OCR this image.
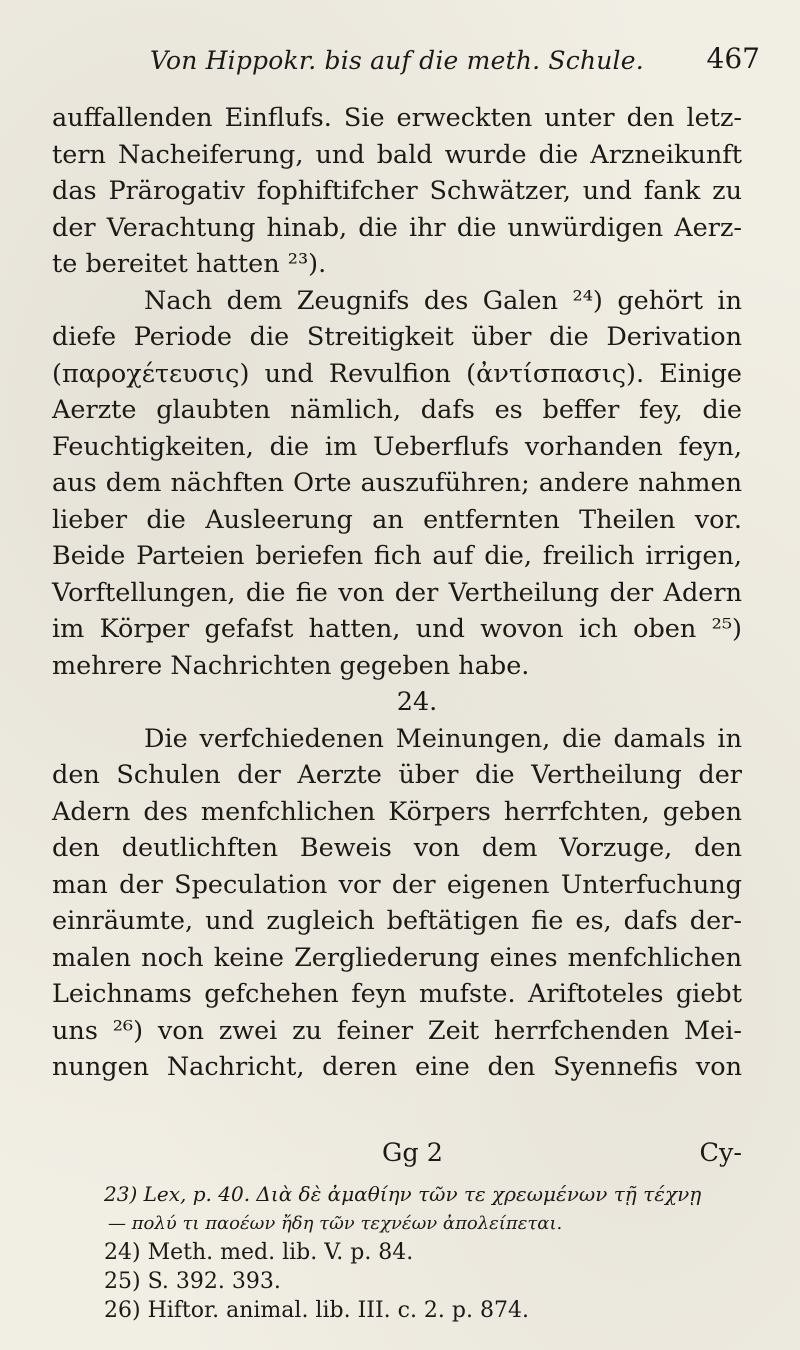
Von Hippokr. bis auf die meth. Schule. 467
auffallenden Einflufs. Sie erweckten unter den letz-
tern Nacheiferung, und bald wurde die Arzneikunft
das Prärogativ fophiftifcher Schwätzer, und fank zu
der Verachtung hinab, die ihr die unwürdigen Aerz-
te bereitet hatten ²³).
Nach dem Zeugnifs des Galen ²⁴) gehört in
diefe Periode die Streitigkeit über die Derivation
(παρoχέτευσις) und Revulfion (ἀντίσπασις). Einige
Aerzte glaubten nämlich, dafs es beffer fey, die
Feuchtigkeiten, die im Ueberflufs vorhanden feyn,
aus dem nächften Orte auszuführen; andere nahmen
lieber die Ausleerung an entfernten Theilen vor.
Beide Parteien beriefen fich auf die, freilich irrigen,
Vorftellungen, die fie von der Vertheilung der Adern
im Körper gefafst hatten, und wovon ich oben ²⁵)
mehrere Nachrichten gegeben habe.
24.
Die verfchiedenen Meinungen, die damals in
den Schulen der Aerzte über die Vertheilung der
Adern des menfchlichen Körpers herrfchten, geben
den deutlichften Beweis von dem Vorzuge, den
man der Speculation vor der eigenen Unterfuchung
einräumte, und zugleich beftätigen fie es, dafs der-
malen noch keine Zergliederung eines menfchlichen
Leichnams gefchehen feyn mufste. Ariftoteles giebt
uns ²⁶) von zwei zu feiner Zeit herrfchenden Mei-
nungen Nachricht, deren eine den Syennefis von
Gg 2	Cy-
23) Lex, p. 40. Διὰ δὲ ἀμαθίην τῶν τε χρεωμένων τῇ τέχνῃ
— πολύ τι παοέων ἤδη τῶν τεχνέων ἀπολείπεται.
24) Meth. med. lib. V. p. 84.
25) S. 392. 393.
26) Hiftor. animal. lib. III. c. 2. p. 874.
